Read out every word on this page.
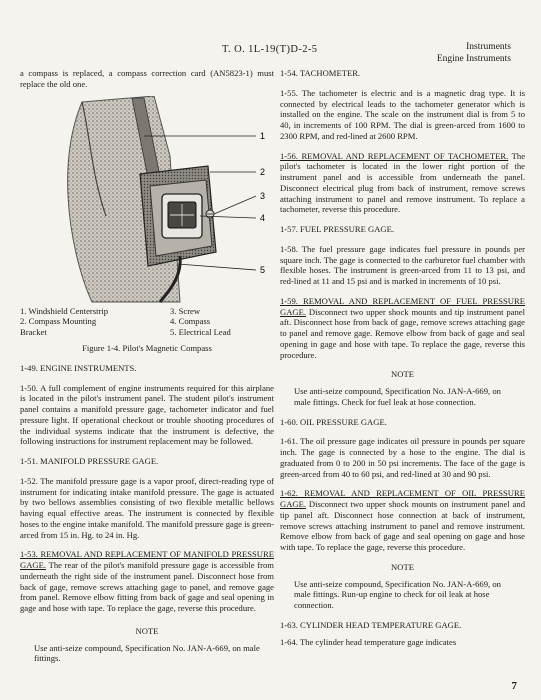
T. O. 1L-19(T)D-2-5	Instruments
Engine Instruments

a compass is replaced, a compass correction card (AN5823-1) must replace the old one.

1
2
3
4
5
1. Windshield Centerstrip	3. Screw
2. Compass Mounting	4. Compass
Bracket	5. Electrical Lead

Figure 1-4. Pilot's Magnetic Compass

1-49. ENGINE INSTRUMENTS.

1-50. A full complement of engine instruments required for this airplane is located in the pilot's instrument panel. The student pilot's instrument panel contains a manifold pressure gage, tachometer indicator and fuel pressure light. If operational checkout or trouble shooting procedures of the individual systems indicate that the instrument is defective, the following instructions for instrument replacement may be followed.

1-51. MANIFOLD PRESSURE GAGE.

1-52. The manifold pressure gage is a vapor proof, direct-reading type of instrument for indicating intake manifold pressure. The gage is actuated by two bellows assemblies consisting of two flexible metallic bellows having equal effective areas. The instrument is connected by flexible hoses to the engine intake manifold. The manifold pressure gage is green-arced from 15 in. Hg. to 24 in. Hg.

1-53. REMOVAL AND REPLACEMENT OF MANIFOLD PRESSURE GAGE. The rear of the pilot's manifold pressure gage is accessible from underneath the right side of the instrument panel. Disconnect hose from back of gage, remove screws attaching gage to panel, and remove gage from panel. Remove elbow fitting from back of gage and seal opening in gage and hose with tape. To replace the gage, reverse this procedure.

NOTE

Use anti-seize compound, Specification No. JAN-A-669, on male fittings.

1-54. TACHOMETER.

1-55. The tachometer is electric and is a magnetic drag type. It is connected by electrical leads to the tachometer generator which is installed on the engine. The scale on the instrument dial is from 5 to 40, in increments of 100 RPM. The dial is green-arced from 1600 to 2300 RPM, and red-lined at 2600 RPM.

1-56. REMOVAL AND REPLACEMENT OF TACHOMETER. The pilot's tachometer is located in the lower right portion of the instrument panel and is accessible from underneath the panel. Disconnect electrical plug from back of instrument, remove screws attaching instrument to panel and remove instrument. To replace a tachometer, reverse this procedure.

1-57. FUEL PRESSURE GAGE.

1-58. The fuel pressure gage indicates fuel pressure in pounds per square inch. The gage is connected to the carburetor fuel chamber with flexible hoses. The instrument is green-arced from 11 to 13 psi, and red-lined at 11 and 15 psi and is marked in increments of 10 psi.

1-59. REMOVAL AND REPLACEMENT OF FUEL PRESSURE GAGE. Disconnect two upper shock mounts and tip instrument panel aft. Disconnect hose from back of gage, remove screws attaching gage to panel and remove gage. Remove elbow from back of gage and seal opening in gage and hose with tape. To replace the gage, reverse this procedure.

NOTE

Use anti-seize compound, Specification No. JAN-A-669, on male fittings. Check for fuel leak at hose connection.

1-60. OIL PRESSURE GAGE.

1-61. The oil pressure gage indicates oil pressure in pounds per square inch. The gage is connected by a hose to the engine. The dial is graduated from 0 to 200 in 50 psi increments. The face of the gage is green-arced from 40 to 60 psi, and red-lined at 30 and 90 psi.

1-62. REMOVAL AND REPLACEMENT OF OIL PRESSURE GAGE. Disconnect two upper shock mounts on instrument panel and tip panel aft. Disconnect hose connection at back of instrument, remove screws attaching instrument to panel and remove instrument. Remove elbow from back of gage and seal opening on gage and hose with tape. To replace the gage, reverse this procedure.

NOTE

Use anti-seize compound, Specification No. JAN-A-669, on male fittings. Run-up engine to check for oil leak at hose connection.

1-63. CYLINDER HEAD TEMPERATURE GAGE.

1-64. The cylinder head temperature gage indicates

7
